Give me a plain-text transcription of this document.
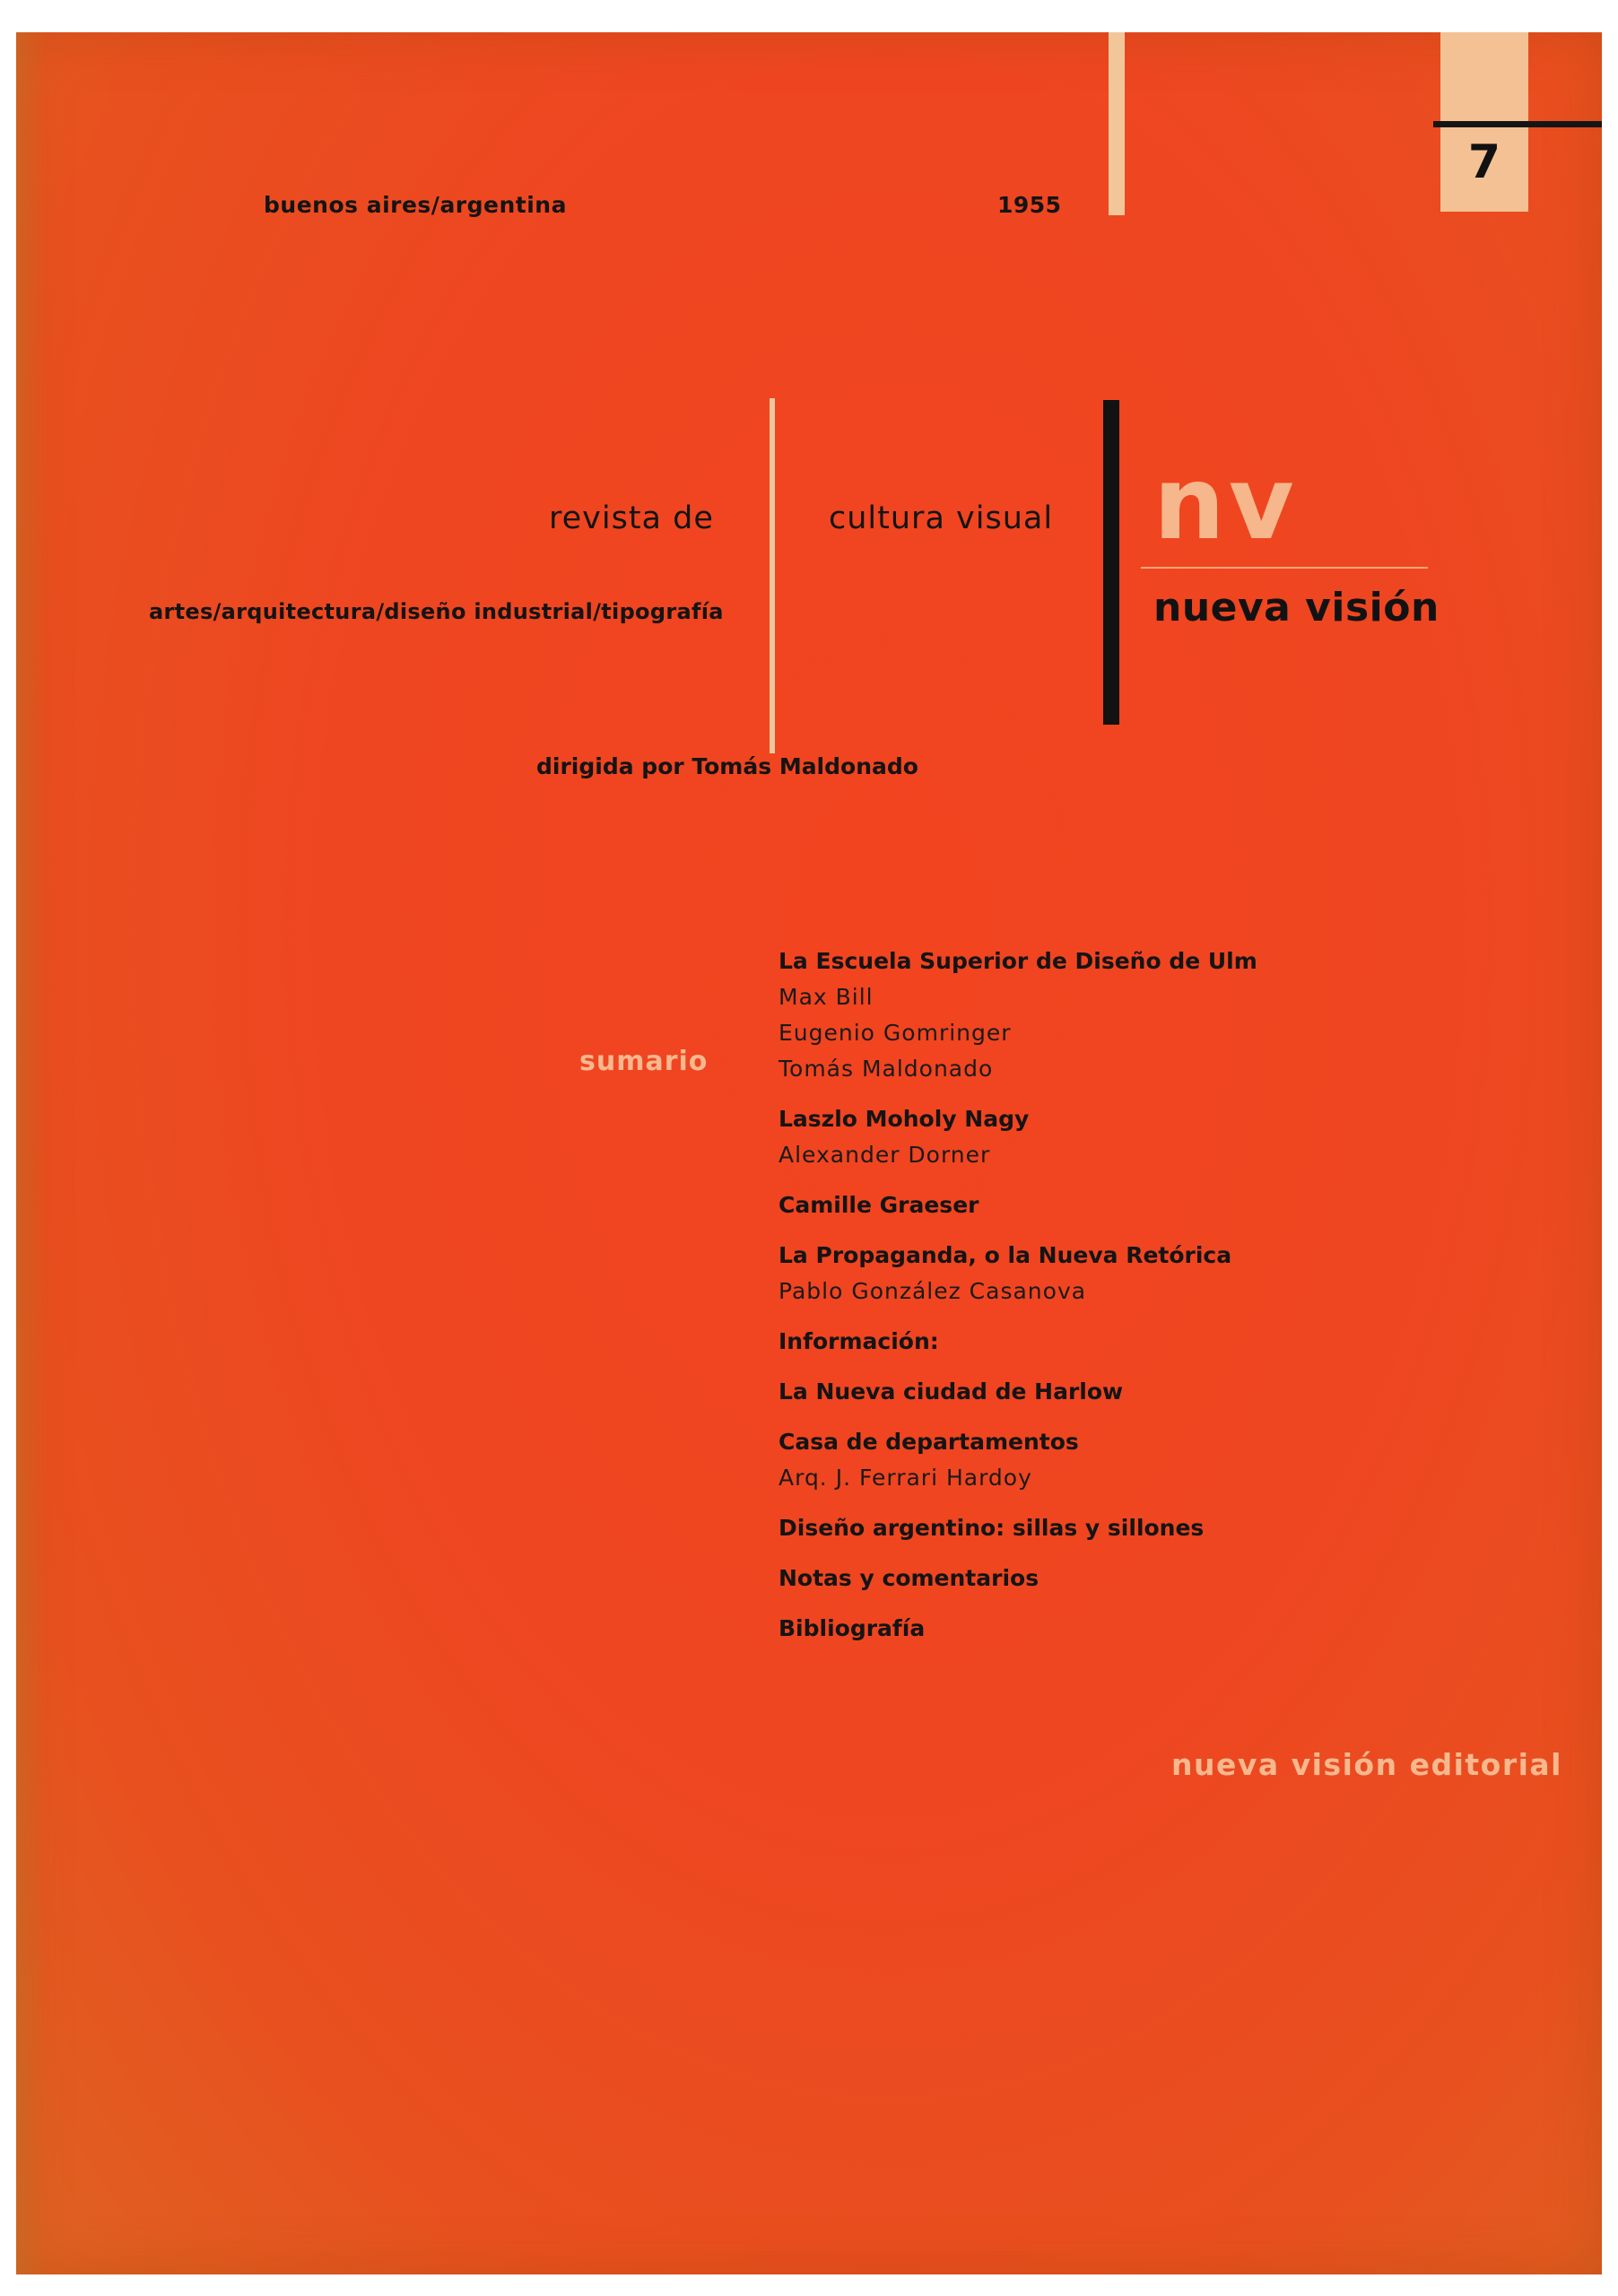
buenos aires/argentina	1955
7
revista de	cultura visual
artes/arquitectura/diseño industrial/tipografía
dirigida por Tomás Maldonado
nv
nueva visión
sumario
La Escuela Superior de Diseño de Ulm
Max Bill
Eugenio Gomringer
Tomás Maldonado
Laszlo Moholy Nagy
Alexander Dorner
Camille Graeser
La Propaganda, o la Nueva Retórica
Pablo González Casanova
Información:
La Nueva ciudad de Harlow
Casa de departamentos
Arq. J. Ferrari Hardoy
Diseño argentino: sillas y sillones
Notas y comentarios
Bibliografía
nueva visión editorial
